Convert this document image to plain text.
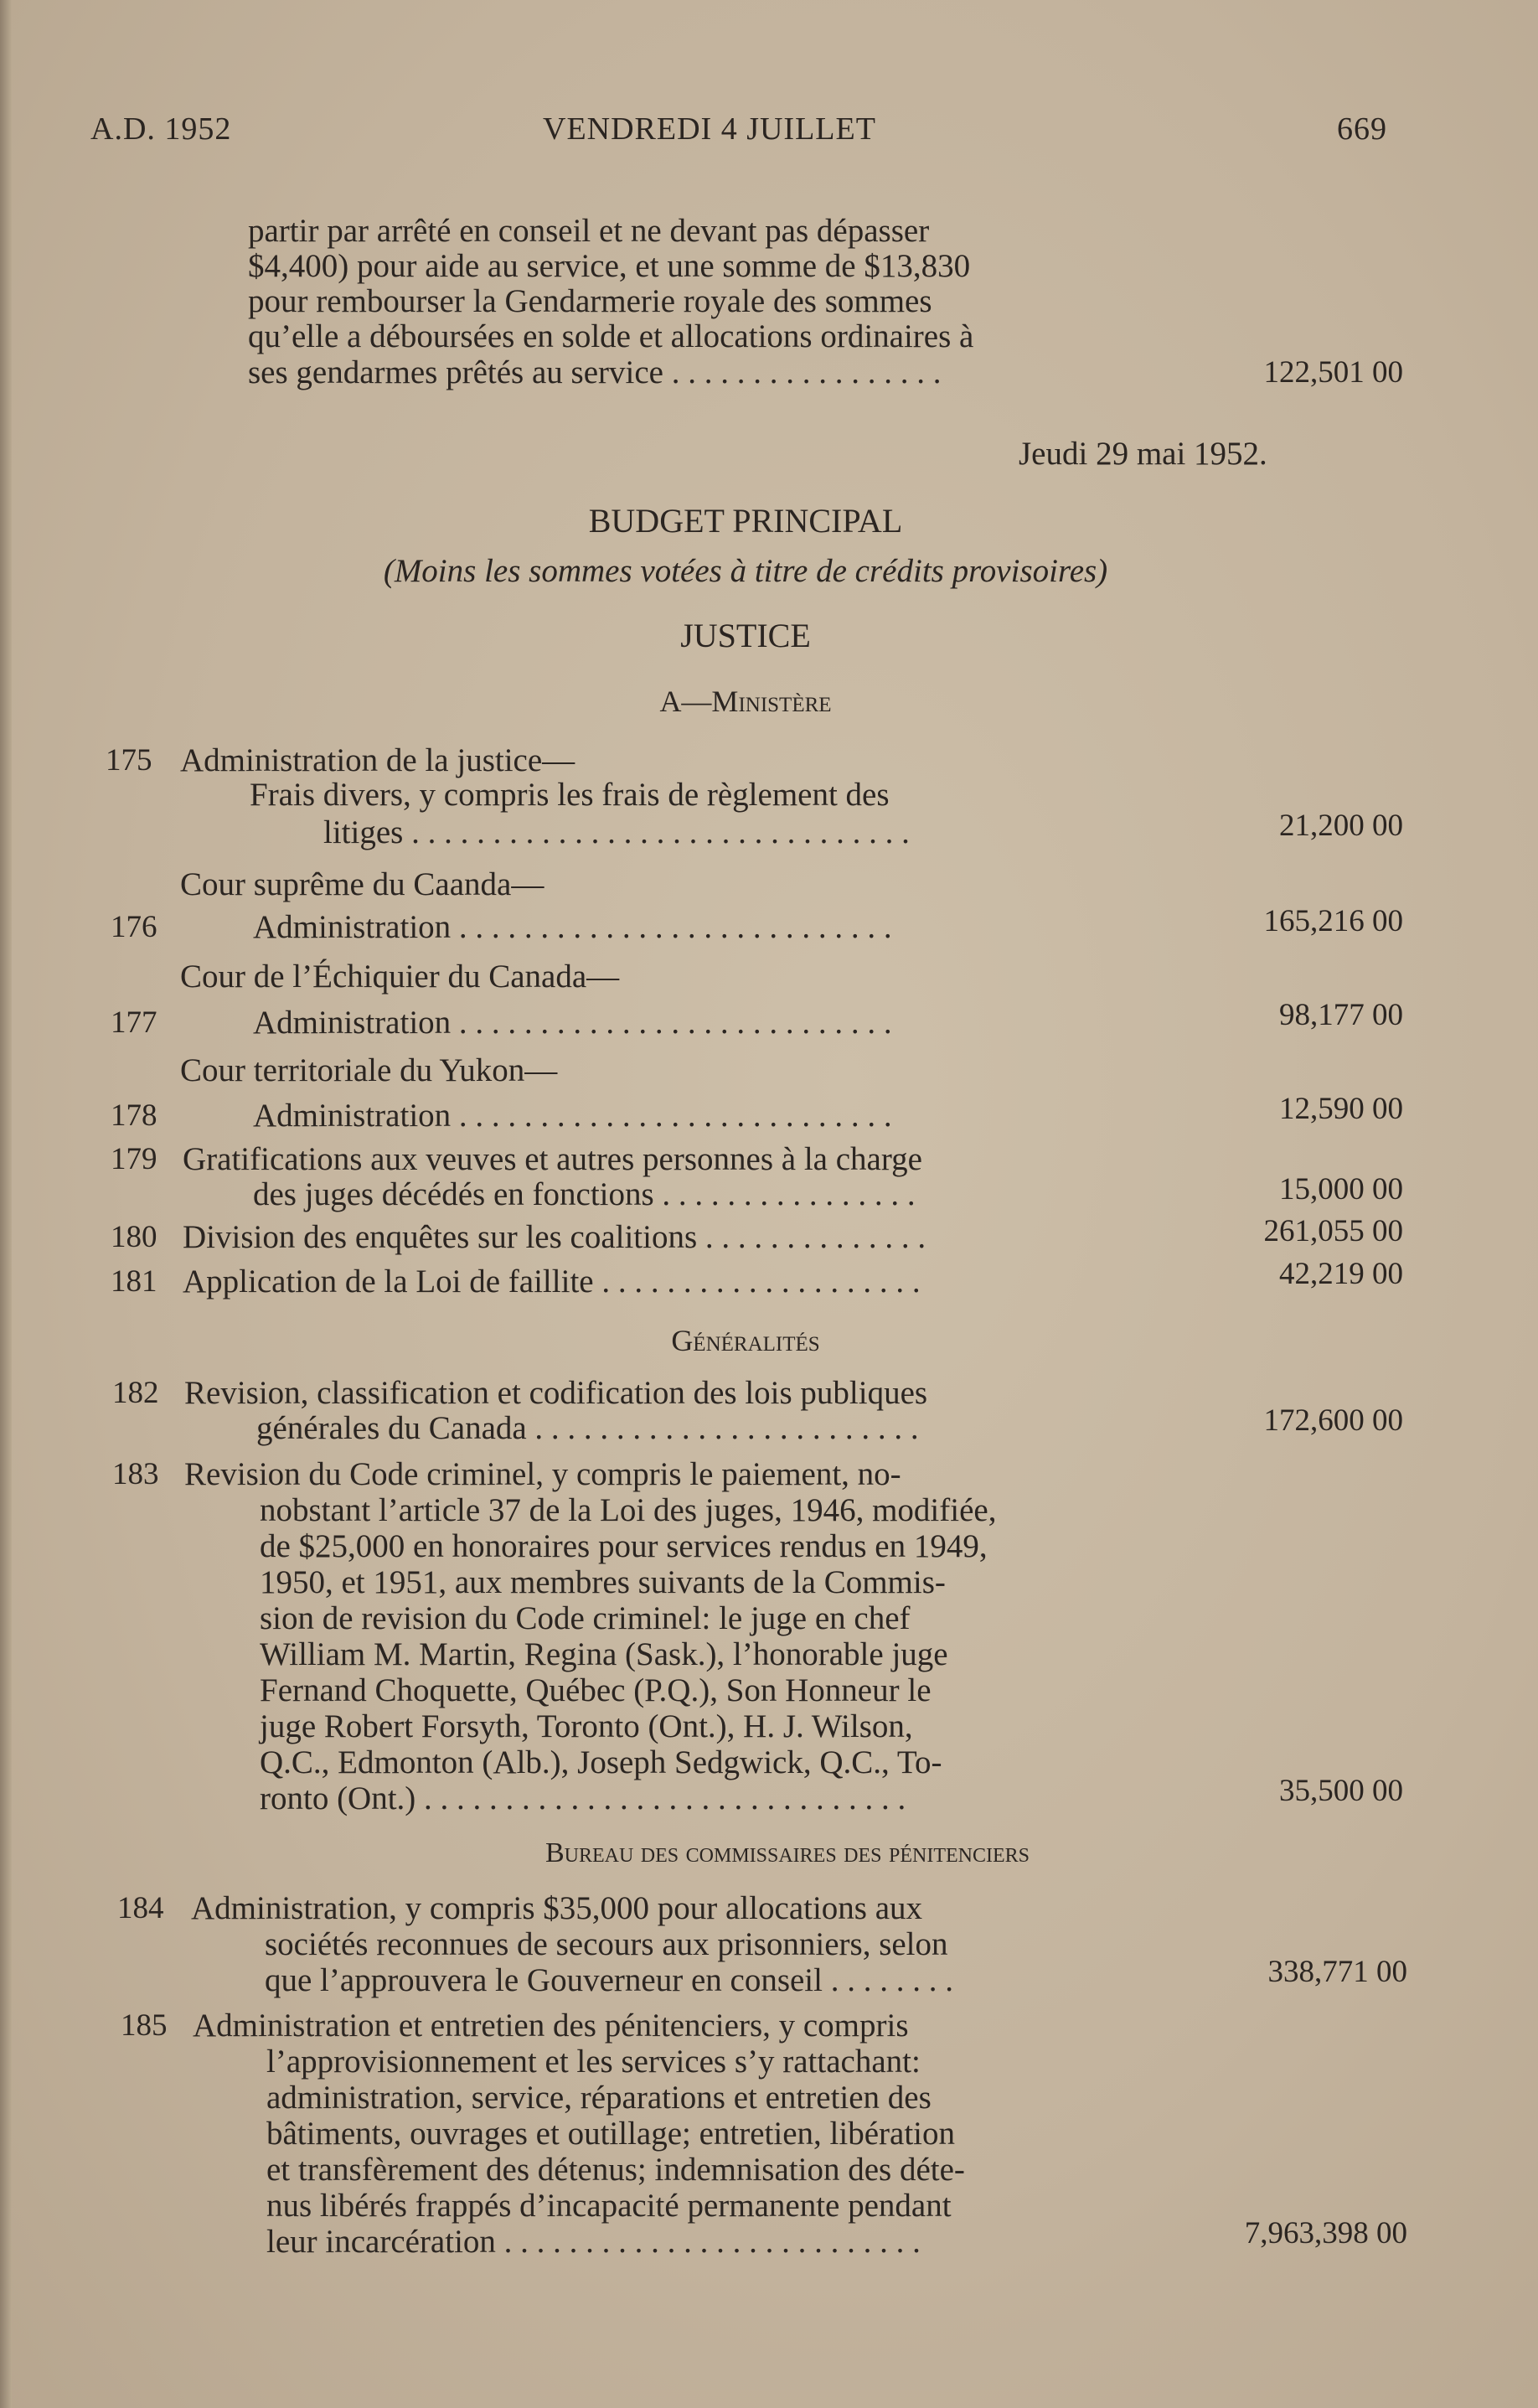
A.D. 1952	VENDREDI 4 JUILLET	669
partir par arrêté en conseil et ne devant pas dépasser
$4,400) pour aide au service, et une somme de $13,830
pour rembourser la Gendarmerie royale des sommes
qu’elle a déboursées en solde et allocations ordinaires à
ses gendarmes prêtés au service . . . . . . . . . . . . . . . . .	122,501 00
Jeudi 29 mai 1952.
BUDGET PRINCIPAL
(Moins les sommes votées à titre de crédits provisoires)
JUSTICE
A—Ministère
175 Administration de la justice—
Frais divers, y compris les frais de règlement des
litiges . . . . . . . . . . . . . . . . . . . . . . . . . . . . . . .	21,200 00
Cour suprême du Caanda—
176	Administration . . . . . . . . . . . . . . . . . . . . . . . . . . .	165,216 00
Cour de l’Échiquier du Canada—
177	Administration . . . . . . . . . . . . . . . . . . . . . . . . . . .	98,177 00
Cour territoriale du Yukon—
178	Administration . . . . . . . . . . . . . . . . . . . . . . . . . . .	12,590 00
179 Gratifications aux veuves et autres personnes à la charge
des juges décédés en fonctions . . . . . . . . . . . . . . . .	15,000 00
180 Division des enquêtes sur les coalitions . . . . . . . . . . . . . .	261,055 00
181 Application de la Loi de faillite . . . . . . . . . . . . . . . . . . . .	42,219 00
Généralités
182 Revision, classification et codification des lois publiques
générales du Canada . . . . . . . . . . . . . . . . . . . . . . . .	172,600 00
183 Revision du Code criminel, y compris le paiement, no-
nobstant l’article 37 de la Loi des juges, 1946, modifiée,
de $25,000 en honoraires pour services rendus en 1949,
1950, et 1951, aux membres suivants de la Commis-
sion de revision du Code criminel: le juge en chef
William M. Martin, Regina (Sask.), l’honorable juge
Fernand Choquette, Québec (P.Q.), Son Honneur le
juge Robert Forsyth, Toronto (Ont.), H. J. Wilson,
Q.C., Edmonton (Alb.), Joseph Sedgwick, Q.C., To-
ronto (Ont.) . . . . . . . . . . . . . . . . . . . . . . . . . . . . . .	35,500 00
Bureau des commissaires des pénitenciers
184 Administration, y compris $35,000 pour allocations aux
sociétés reconnues de secours aux prisonniers, selon
que l’approuvera le Gouverneur en conseil . . . . . . . .	338,771 00
185 Administration et entretien des pénitenciers, y compris
l’approvisionnement et les services s’y rattachant:
administration, service, réparations et entretien des
bâtiments, ouvrages et outillage; entretien, libération
et transfèrement des détenus; indemnisation des déte-
nus libérés frappés d’incapacité permanente pendant
leur incarcération . . . . . . . . . . . . . . . . . . . . . . . . . .	7,963,398 00
